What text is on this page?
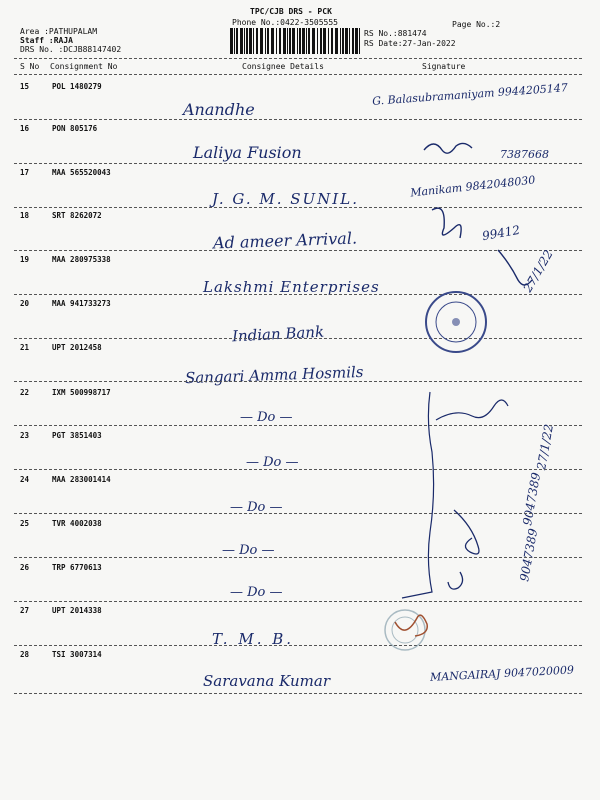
TPC/CJB DRS - PCK
Phone No.:0422-3505555	Page No.:2
Area :PATHUPALAM
Staff :RAJA
DRS No. :DCJB88147402
RS No.:881474
RS Date:27-Jan-2022
S No Consignment No	Consignee Details	Signature
15	POL 1480279
Anandhe
G. Balasubramaniyam 9944205147
16	PON 805176
Laliya Fusion	7387668
17	MAA 565520043
J. G. M. SUNIL.	Manikam 9842048030
18	SRT 8262072
Ad ameer Arrival.	99412
19	MAA 280975338
Lakshmi Enterprises	27/1/22
20	MAA 941733273
Indian Bank
21	UPT 2012458
Sangari Amma Hosmils
22	IXM 500998717
— Do —
23	PGT 3851403
— Do —	27/1/22
24	MAA 283001414
— Do —	9047389
25	TVR 4002038
— Do —
26	TRP 6770613
— Do —
9047389
27	UPT 2014338
T. M. B.
28	TSI 3007314
Saravana Kumar	MANGAIRAJ 9047020009
